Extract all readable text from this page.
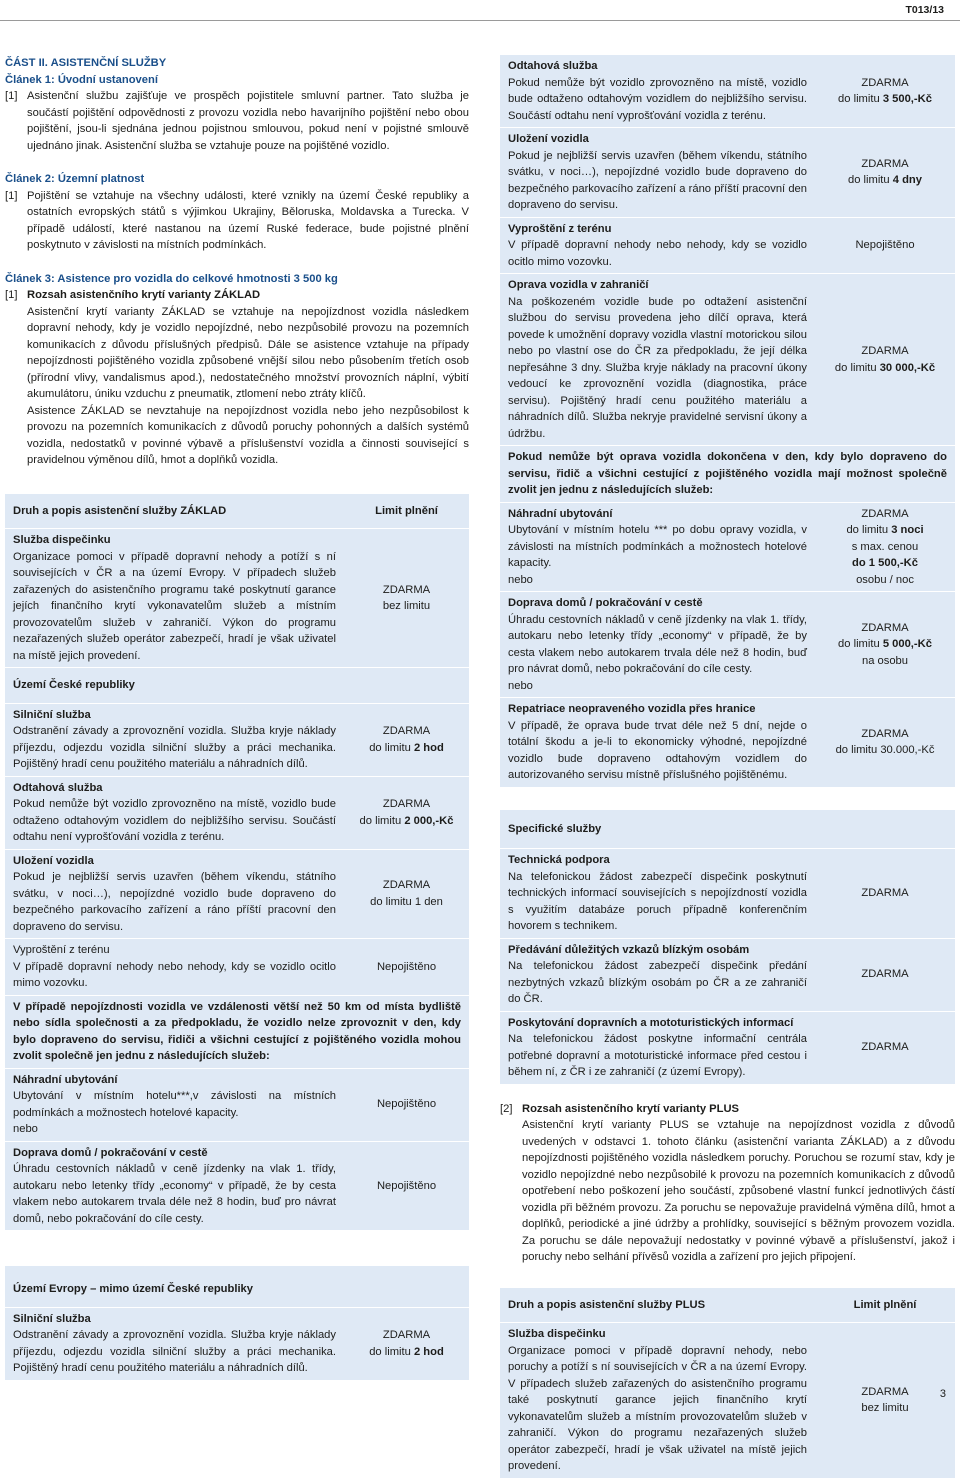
T013/13

ČÁST II. ASISTENČNÍ SLUŽBY

Článek 1: Úvodní ustanovení

[1] Asistenční službu zajišťuje ve prospěch pojistitele smluvní partner. Tato služba je součástí pojištění odpovědnosti z provozu vozidla nebo havarijního pojištění nebo obou pojištění, jsou-li sjednána jednou pojistnou smlouvou, pokud není v pojistné smlouvě ujednáno jinak. Asistenční služba se vztahuje pouze na pojištěné vozidlo.

Článek 2: Územní platnost

[1] Pojištění se vztahuje na všechny události, které vznikly na území České republiky a ostatních evropských států s výjimkou Ukrajiny, Běloruska, Moldavska a Turecka. V případě událostí, které nastanou na území Ruské federace, bude pojistné plnění poskytnuto v závislosti na místních podmínkách.

Článek 3: Asistence pro vozidla do celkové hmotnosti 3 500 kg

[1] Rozsah asistenčního krytí varianty ZÁKLAD

Asistenční krytí varianty ZÁKLAD se vztahuje na nepojízdnost vozidla následkem dopravní nehody, kdy je vozidlo nepojízdné, nebo nezpůsobilé provozu na pozemních komunikacích z důvodu příslušných předpisů. Dále se asistence vztahuje na případy nepojízdnosti pojištěného vozidla způsobené vnější silou nebo působením třetích osob (přírodní vlivy, vandalismus apod.), nedostatečného množství provozních náplní, výbití akumulátoru, úniku vzduchu z pneumatik, ztlomení nebo ztráty klíčů.

Asistence ZÁKLAD se nevztahuje na nepojízdnost vozidla nebo jeho nezpůsobilost k provozu na pozemních komunikacích z důvodů poruchy pohonných a dalších systémů vozidla, nedostatků v povinné výbavě a příslušenství vozidla a činnosti související s pravidelnou výměnou dílů, hmot a doplňků vozidla.

Druh a popis asistenční služby ZÁKLAD	Limit plnění
Služba dispečinku
Organizace pomoci v případě dopravní nehody a potíží s ní souvisejících v ČR a na území Evropy. V případech služeb zařazených do asistenčního programu také poskytnutí garance jejích finančního krytí vykonavatelům služeb a místním provozovatelům služeb v zahraničí. Výkon do programu nezařazených služeb operátor zabezpečí, hradí je však uživatel na místě jejich provedení.
ZDARMA
bez limitu
Území České republiky
Silniční služba
Odstranění závady a zprovoznění vozidla. Služba kryje náklady příjezdu, odjezdu vozidla silniční služby a práci mechanika. Pojištěný hradí cenu použitého materiálu a náhradních dílů.
ZDARMA
do limitu 2 hod
Odtahová služba
Pokud nemůže být vozidlo zprovozněno na místě, vozidlo bude odtaženo odtahovým vozidlem do nejbližšího servisu. Součástí odtahu není vyprošťování vozidla z terénu.
ZDARMA
do limitu 2 000,-Kč
Uložení vozidla
Pokud je nejbližší servis uzavřen (během víkendu, státního svátku, v noci…), nepojízdné vozidlo bude dopraveno do bezpečného parkovacího zařízení a ráno příští pracovní den dopraveno do servisu.
ZDARMA
do limitu 1 den
Vyproštění z terénu
V případě dopravní nehody nebo nehody, kdy se vozidlo ocitlo mimo vozovku.
Nepojištěno
V případě nepojízdnosti vozidla ve vzdálenosti větší než 50 km od místa bydliště nebo sídla společnosti a za předpokladu, že vozidlo nelze zprovoznit v den, kdy bylo dopraveno do servisu, řidiči a všichni cestující z pojištěného vozidla mohou zvolit společně jen jednu z následujících služeb:
Náhradní ubytování
Ubytování v místním hotelu***,v závislosti na místních podmínkách a možnostech hotelové kapacity.
nebo
Nepojištěno
Doprava domů / pokračování v cestě
Úhradu cestovních nákladů v ceně jízdenky na vlak 1. třídy, autokaru nebo letenky třídy „economy“ v případě, že by cesta vlakem nebo autokarem trvala déle než 8 hodin, buď pro návrat domů, nebo pokračování do cíle cesty.
Nepojištěno
Území Evropy – mimo území České republiky
Silniční služba
Odstranění závady a zprovoznění vozidla. Služba kryje náklady příjezdu, odjezdu vozidla silniční služby a práci mechanika. Pojištěný hradí cenu použitého materiálu a náhradních dílů.
ZDARMA
do limitu 2 hod
Odtahová služba
Pokud nemůže být vozidlo zprovozněno na místě, vozidlo bude odtaženo odtahovým vozidlem do nejbližšího servisu. Součástí odtahu není vyprošťování vozidla z terénu.
ZDARMA
do limitu 3 500,-Kč
Uložení vozidla
Pokud je nejbližší servis uzavřen (během víkendu, státního svátku, v noci…), nepojízdné vozidlo bude dopraveno do bezpečného parkovacího zařízení a ráno příští pracovní den dopraveno do servisu.
ZDARMA
do limitu 4 dny
Vyproštění z terénu
V případě dopravní nehody nebo nehody, kdy se vozidlo ocitlo mimo vozovku.
Nepojištěno
Oprava vozidla v zahraničí
Na poškozeném vozidle bude po odtažení asistenční službou do servisu provedena jeho dílčí oprava, která povede k umožnění dopravy vozidla vlastní motorickou silou nebo po vlastní ose do ČR za předpokladu, že její délka nepřesáhne 3 dny. Služba kryje náklady na pracovní úkony vedoucí ke zprovoznění vozidla (diagnostika, práce servisu). Pojištěný hradí cenu použitého materiálu a náhradních dílů. Služba nekryje pravidelné servisní úkony a údržbu.
ZDARMA
do limitu 30 000,-Kč
Pokud nemůže být oprava vozidla dokončena v den, kdy bylo dopraveno do servisu, řidič a všichni cestující z pojištěného vozidla mají možnost společně zvolit jen jednu z následujících služeb:
Náhradní ubytování
Ubytování v místním hotelu *** po dobu opravy vozidla, v závislosti na místních podmínkách a možnostech hotelové kapacity.
nebo
ZDARMA
do limitu 3 noci
s max. cenou
do 1 500,-Kč
osobu / noc
Doprava domů / pokračování v cestě
Úhradu cestovních nákladů v ceně jízdenky na vlak 1. třídy, autokaru nebo letenky třídy „economy“ v případě, že by cesta vlakem nebo autokarem trvala déle než 8 hodin, buď pro návrat domů, nebo pokračování do cíle cesty.
nebo
ZDARMA
do limitu 5 000,-Kč
na osobu
Repatriace neopraveného vozidla přes hranice
V případě, že oprava bude trvat déle než 5 dní, nejde o totální škodu a je-li to ekonomicky výhodné, nepojízdné vozidlo bude dopraveno odtahovým vozidlem do autorizovaného servisu místně příslušného pojištěnému.
ZDARMA
do limitu 30.000,-Kč
Specifické služby
Technická podpora
Na telefonickou žádost zabezpečí dispečink poskytnutí technických informací souvisejících s nepojízdností vozidla s využitím databáze poruch případně konferenčním hovorem s technikem.
ZDARMA
Předávání důležitých vzkazů blízkým osobám
Na telefonickou žádost zabezpečí dispečink předání nezbytných vzkazů blízkým osobám po ČR a ze zahraničí do ČR.
ZDARMA
Poskytování dopravních a mototuristických informací
Na telefonickou žádost poskytne informační centrála potřebné dopravní a mototuristické informace před cestou i během ní, z ČR i ze zahraničí (z území Evropy).
ZDARMA
[2] Rozsah asistenčního krytí varianty PLUS

Asistenční krytí varianty PLUS se vztahuje na nepojízdnost vozidla z důvodů uvedených v odstavci 1. tohoto článku (asistenční varianta ZÁKLAD) a z důvodu nepojízdnosti pojištěného vozidla následkem poruchy. Poruchou se rozumí stav, kdy je vozidlo nepojízdné nebo nezpůsobilé k provozu na pozemních komunikacích z důvodů opotřebení nebo poškození jeho součástí, způsobené vlastní funkcí jednotlivých částí vozidla při běžném provozu. Za poruchu se nepovažuje pravidelná výměna dílů, hmot a doplňků, periodické a jiné údržby a prohlídky, související s běžným provozem vozidla. Za poruchu se dále nepovažují nedostatky v povinné výbavě a příslušenství, jakož i poruchy nebo selhání přívěsů vozidla a zařízení pro jejich připojení.

Druh a popis asistenční služby PLUS	Limit plnění
Služba dispečinku
Organizace pomoci v případě dopravní nehody, nebo poruchy a potíží s ní souvisejících v ČR a na území Evropy. V případech služeb zařazených do asistenčního programu také poskytnutí garance jejich finančního krytí vykonavatelům služeb a místním provozovatelům služeb v zahraničí. Výkon do programu nezařazených služeb operátor zabezpečí, hradí je však uživatel na místě jejich provedení.
ZDARMA
bez limitu
3
